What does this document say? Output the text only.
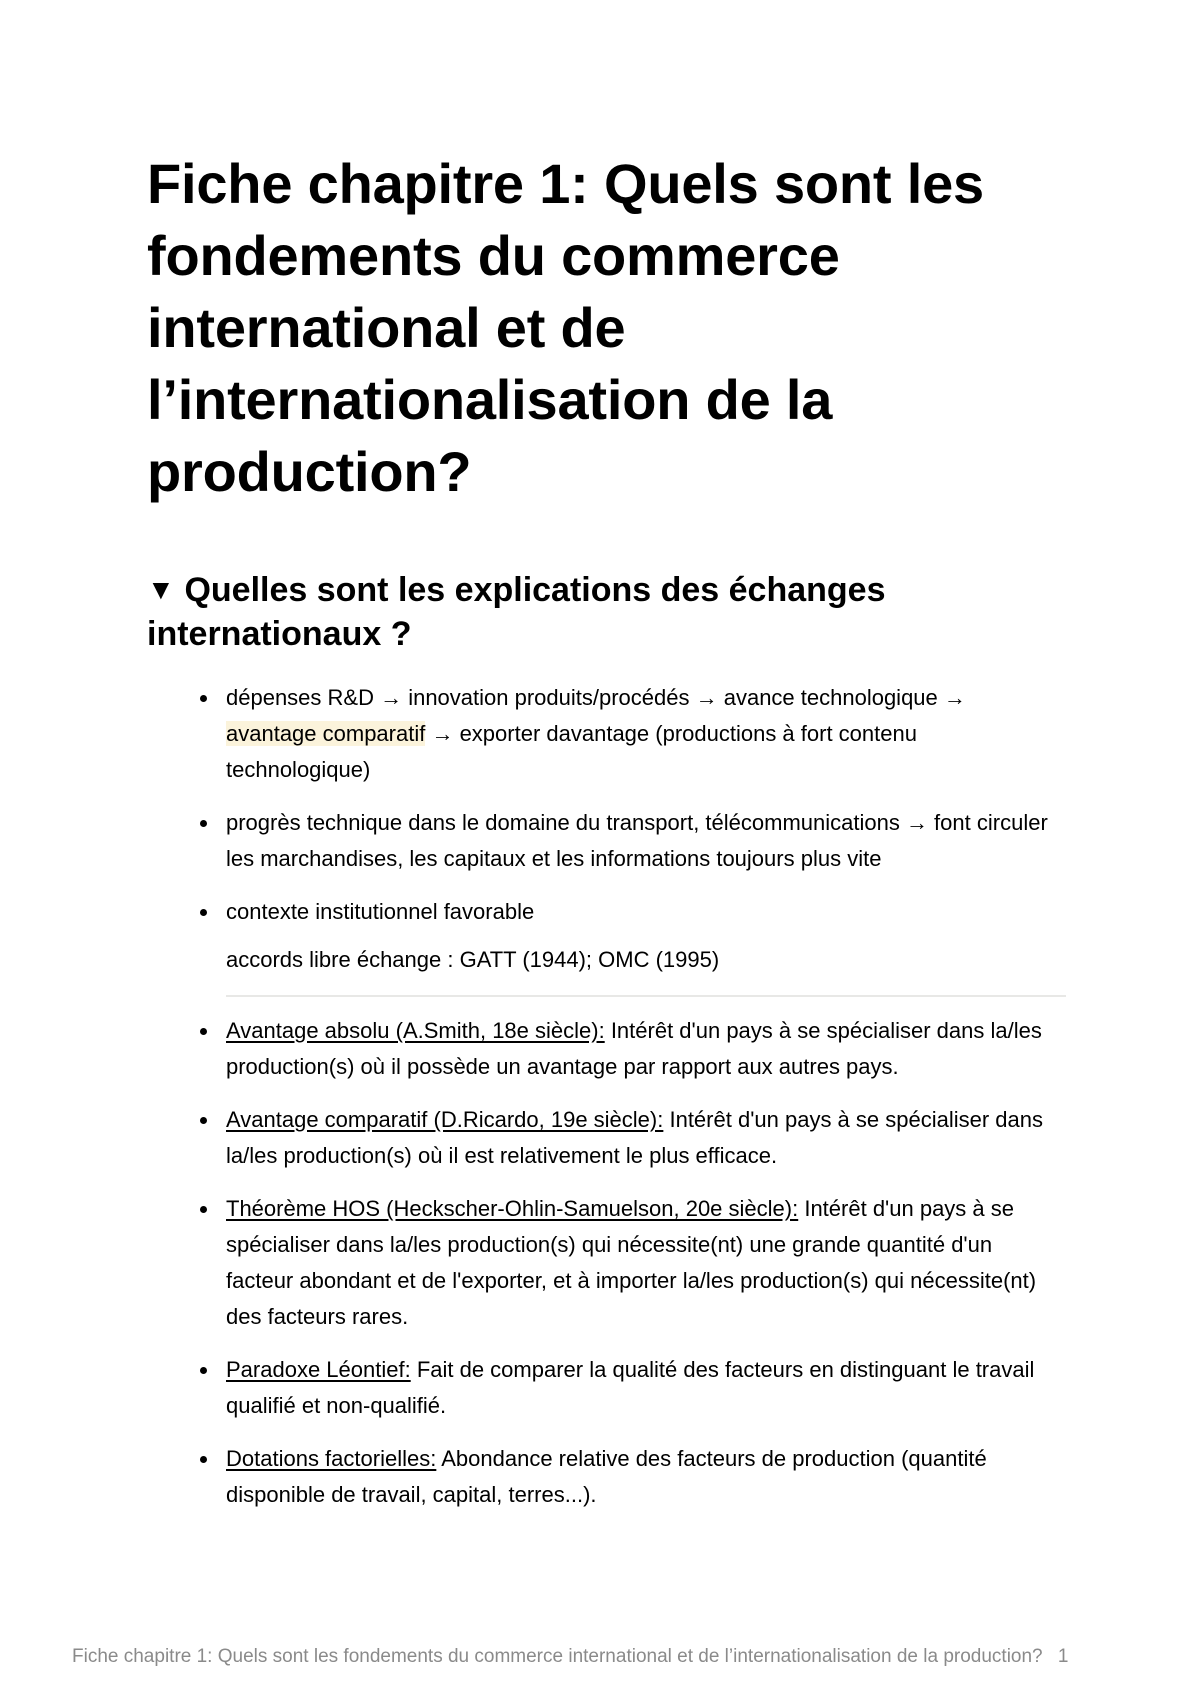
Fiche chapitre 1: Quels sont les fondements du commerce international et de l’internationalisation de la production?
▼ Quelles sont les explications des échanges internationaux ?
dépenses R&D → innovation produits/procédés → avance technologique → avantage comparatif → exporter davantage (productions à fort contenu technologique)
progrès technique dans le domaine du transport, télécommunications → font circuler les marchandises, les capitaux et les informations toujours plus vite
contexte institutionnel favorable
accords libre échange : GATT (1944); OMC (1995)
Avantage absolu (A.Smith, 18e siècle): Intérêt d'un pays à se spécialiser dans la/les production(s) où il possède un avantage par rapport aux autres pays.
Avantage comparatif (D.Ricardo, 19e siècle): Intérêt d'un pays à se spécialiser dans la/les production(s) où il est relativement le plus efficace.
Théorème HOS (Heckscher-Ohlin-Samuelson, 20e siècle): Intérêt d'un pays à se spécialiser dans la/les production(s) qui nécessite(nt) une grande quantité d'un facteur abondant et de l'exporter, et à importer la/les production(s) qui nécessite(nt) des facteurs rares.
Paradoxe Léontief: Fait de comparer la qualité des facteurs en distinguant le travail qualifié et non-qualifié.
Dotations factorielles: Abondance relative des facteurs de production (quantité disponible de travail, capital, terres...).
Fiche chapitre 1: Quels sont les fondements du commerce international et de l’internationalisation de la production? 1
